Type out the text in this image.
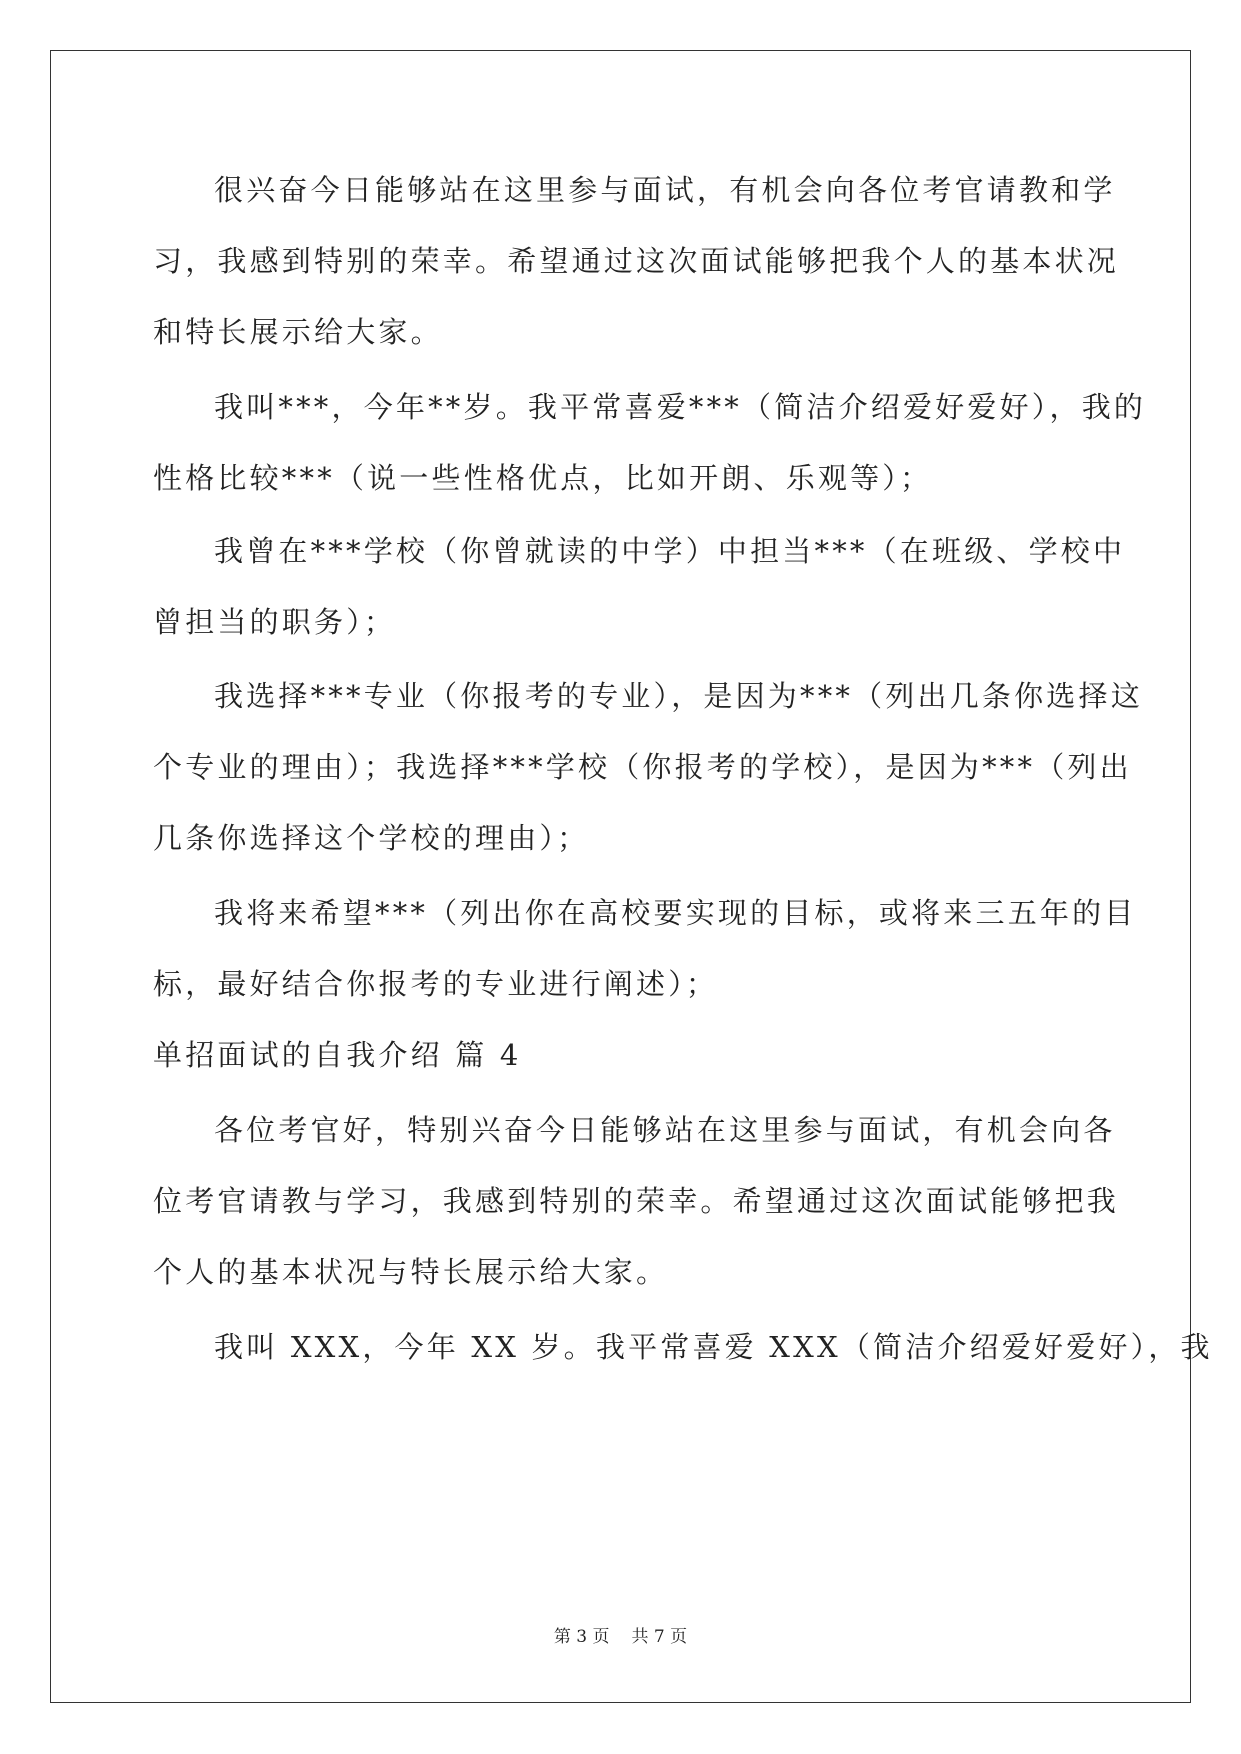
很兴奋今日能够站在这里参与面试，有机会向各位考官请教和学
习，我感到特别的荣幸。希望通过这次面试能够把我个人的基本状况
和特长展示给大家。
我叫***，今年**岁。我平常喜爱***（简洁介绍爱好爱好），我的
性格比较***（说一些性格优点，比如开朗、乐观等）；
我曾在***学校（你曾就读的中学）中担当***（在班级、学校中
曾担当的职务）；
我选择***专业（你报考的专业），是因为***（列出几条你选择这
个专业的理由）；我选择***学校（你报考的学校），是因为***（列出
几条你选择这个学校的理由）；
我将来希望***（列出你在高校要实现的目标，或将来三五年的目
标，最好结合你报考的专业进行阐述）；
单招面试的自我介绍 篇 4
各位考官好，特别兴奋今日能够站在这里参与面试，有机会向各
位考官请教与学习，我感到特别的荣幸。希望通过这次面试能够把我
个人的基本状况与特长展示给大家。
我叫 XXX，今年 XX 岁。我平常喜爱 XXX（简洁介绍爱好爱好），我
第 3 页 共 7 页
